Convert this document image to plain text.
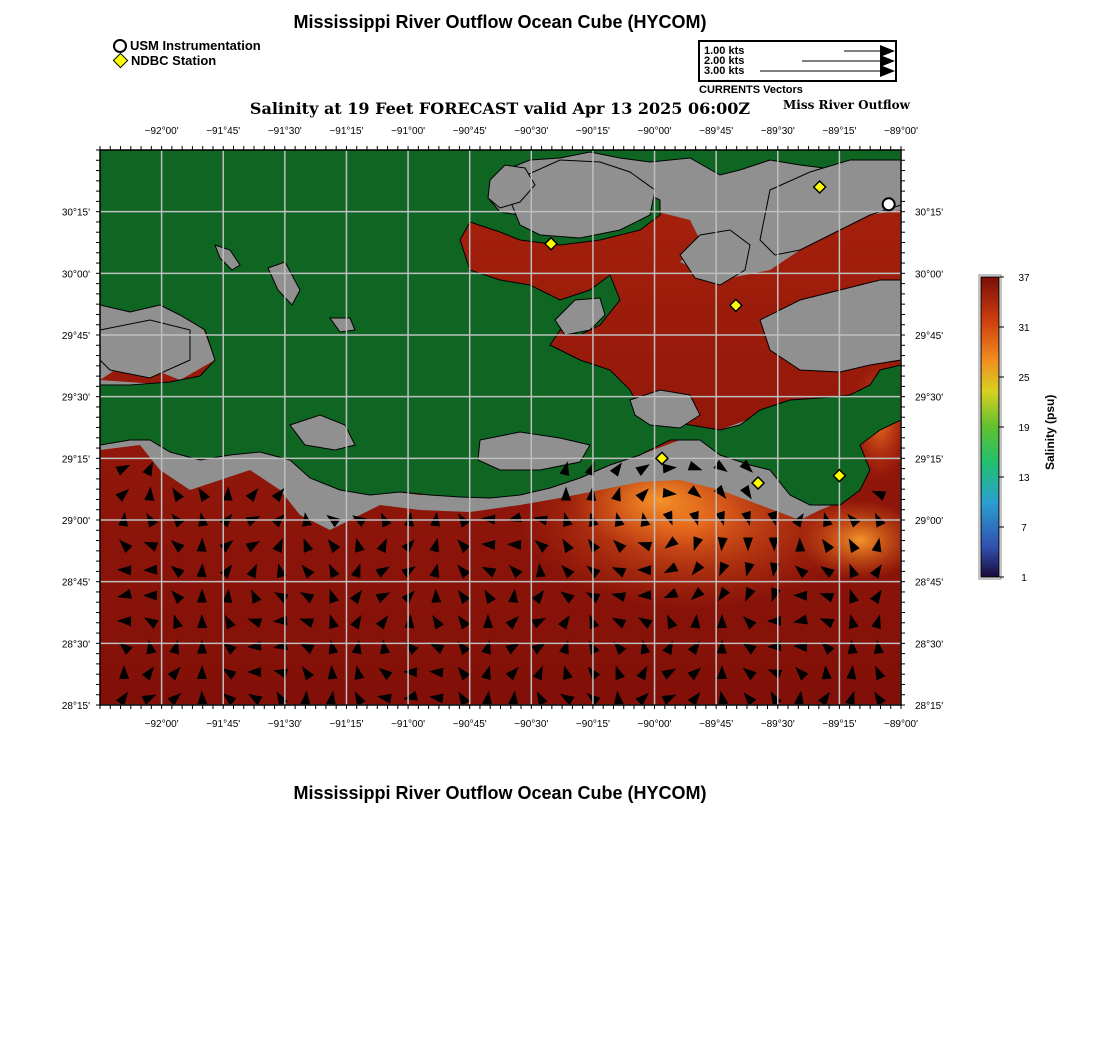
Mississippi River Outflow Ocean Cube (HYCOM)
USM Instrumentation
NDBC Station
1.00 kts
2.00 kts
3.00 kts
CURRENTS Vectors
Salinity at 19 Feet FORECAST valid Apr 13 2025 06:00Z	Miss River Outflow
−92°00'
−92°00'
−91°45'
−91°45'
−91°30'
−91°30'
−91°15'
−91°15'
−91°00'
−91°00'
−90°45'
−90°45'
−90°30'
−90°30'
−90°15'
−90°15'
−90°00'
−90°00'
−89°45'
−89°45'
−89°30'
−89°30'
−89°15'
−89°15'
−89°00'
−89°00'
30°15'	30°15'
30°00'	30°00'
29°45'	29°45'
29°30'	29°30'
29°15'	29°15'
29°00'	29°00'
28°45'	28°45'
28°30'	28°30'
28°15'	28°15'
37
31
25
19
13
7
1
Salinity (psu)
Mississippi River Outflow Ocean Cube (HYCOM)
